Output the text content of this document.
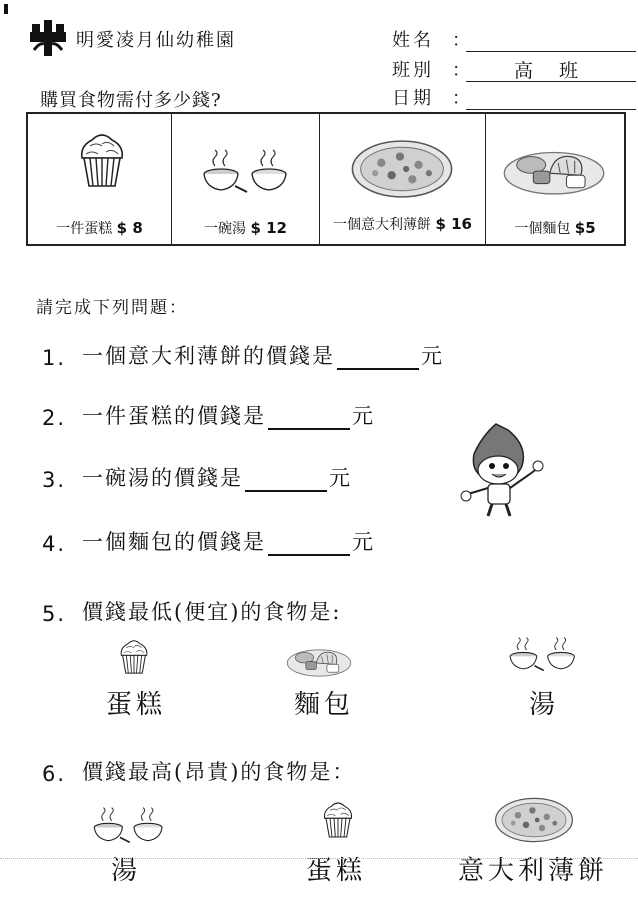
明愛凌月仙幼稚園
購買食物需付多少錢?
姓名	：
班別	：	高 班
日期	：
一件蛋糕 $ 8	一碗湯 $ 12	一個意大利薄餅 $ 16	一個麵包 $5
請完成下列問題：
1. 一個意大利薄餅的價錢是	元
2. 一件蛋糕的價錢是	元
3. 一碗湯的價錢是	元
4. 一個麵包的價錢是	元
5. 價錢最低(便宜)的食物是:
蛋糕	麵包	湯
6. 價錢最高(昂貴)的食物是：
湯	蛋糕	意大利薄餅
